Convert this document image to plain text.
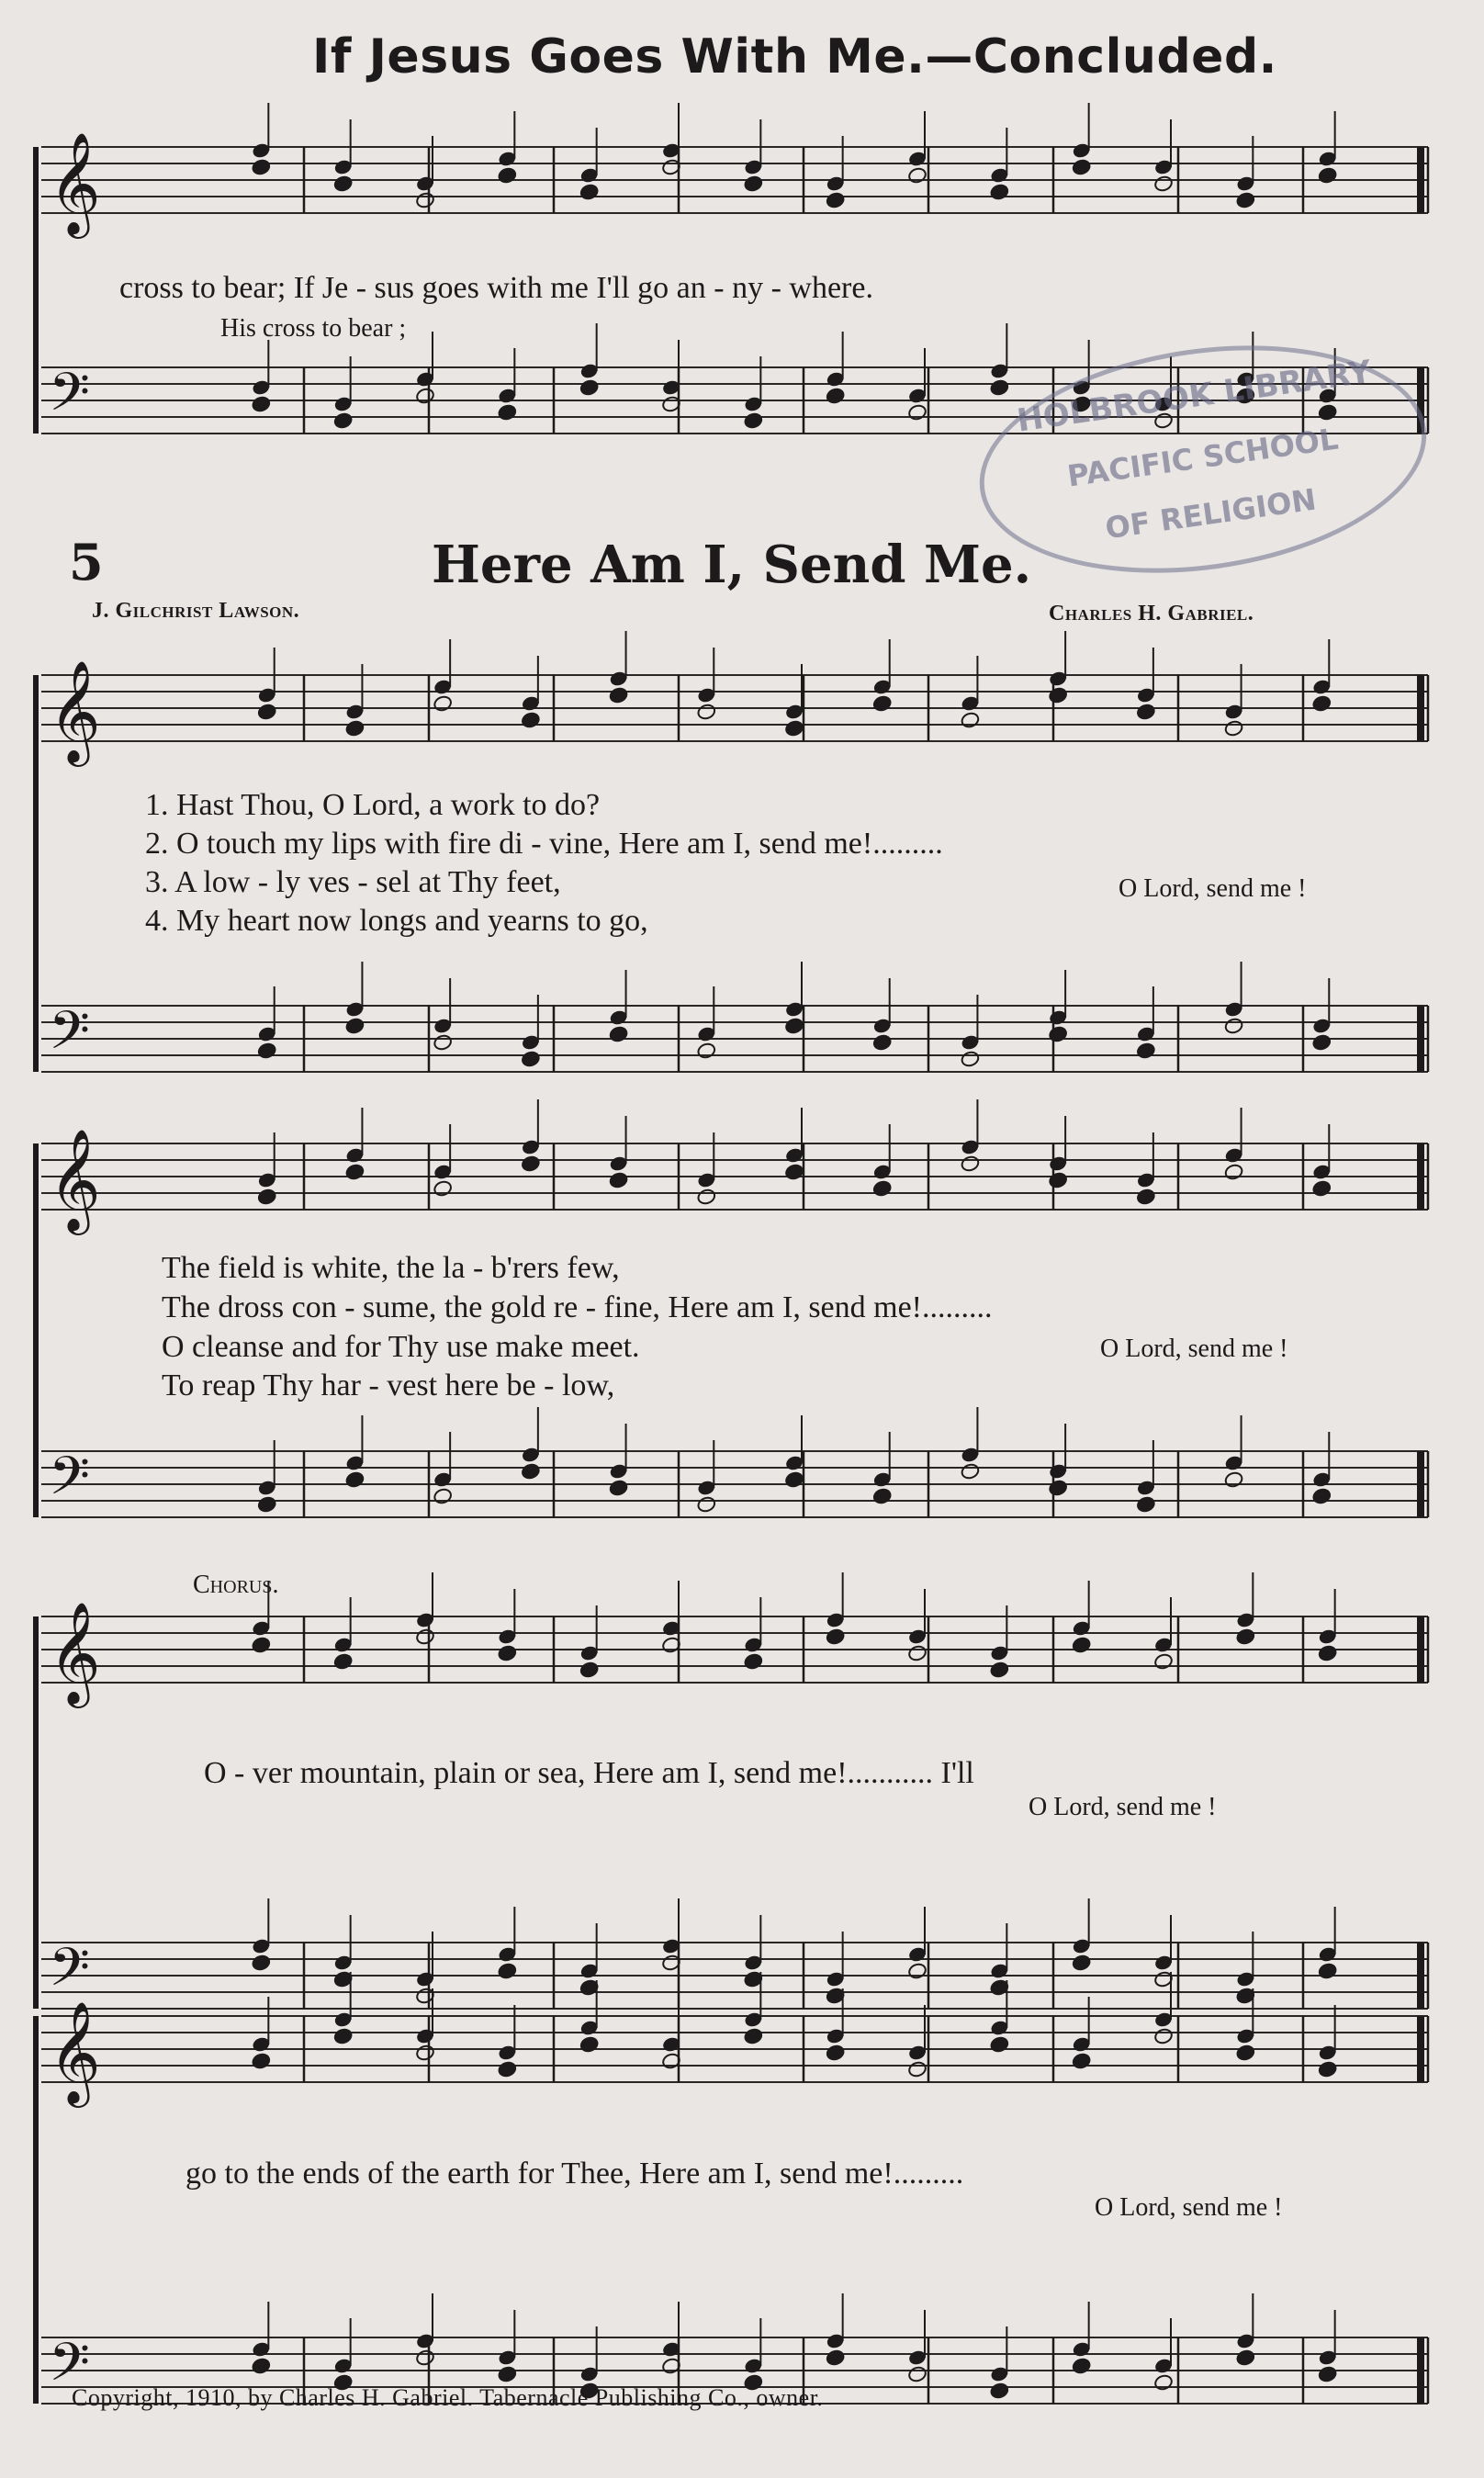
𝄞
𝄢
𝄞
𝄢
𝄞
𝄢
𝄞
𝄢
𝄞
𝄢
If Jesus Goes With Me.—Concluded.
cross to bear; If Je - sus goes with me I'll go an - ny - where.
His cross to bear ;
5	Here Am I, Send Me.
J. Gilchrist Lawson.	Charles H. Gabriel.
1. Hast Thou, O Lord, a work to do?
2. O touch my lips with fire di - vine, Here am I, send me!.........
3. A low - ly ves - sel at Thy feet,
4. My heart now longs and yearns to go,
O Lord, send me !
The field is white, the la - b'rers few,
The dross con - sume, the gold re - fine, Here am I, send me!.........
O cleanse and for Thy use make meet.
To reap Thy har - vest here be - low,
O Lord, send me !
Chorus.
O - ver mountain, plain or sea, Here am I, send me!........... I'll
O Lord, send me !
go to the ends of the earth for Thee, Here am I, send me!.........
O Lord, send me !
Copyright, 1910, by Charles H. Gabriel. Tabernacle Publishing Co., owner.
HOLBROOK LIBRARY
PACIFIC SCHOOL
OF RELIGION
